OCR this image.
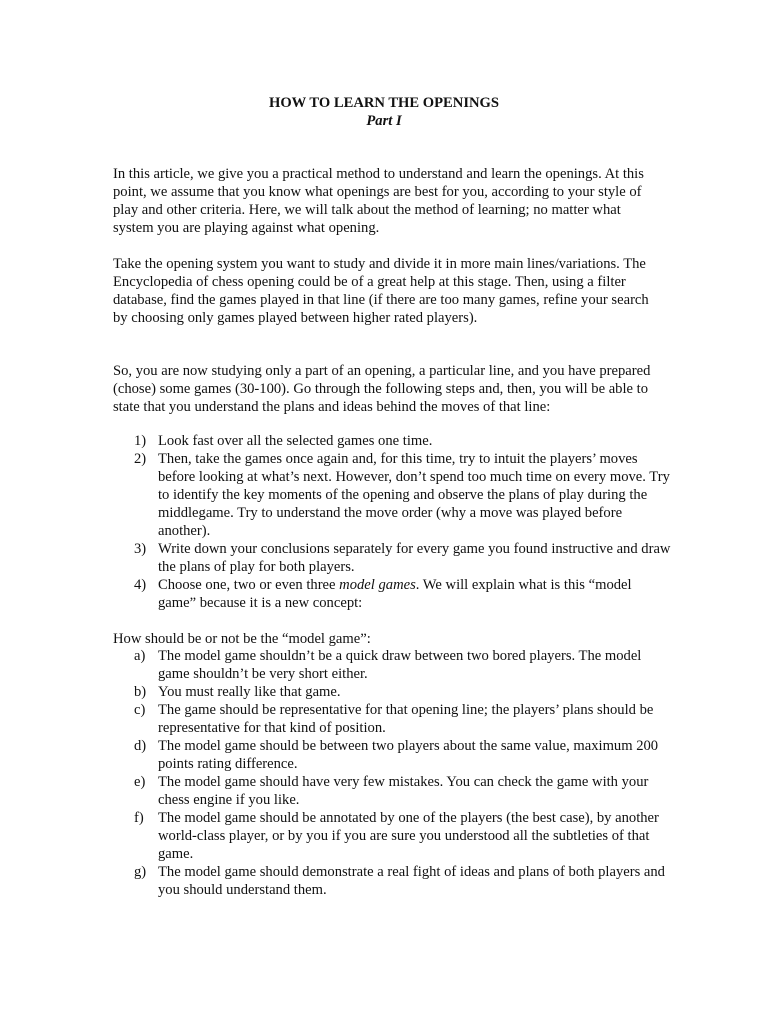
HOW TO LEARN THE OPENINGS
Part I

In this article, we give you a practical method to understand and learn the openings. At this point, we assume that you know what openings are best for you, according to your style of play and other criteria. Here, we will talk about the method of learning; no matter what system you are playing against what opening.

Take the opening system you want to study and divide it in more main lines/variations. The Encyclopedia of chess opening could be of a great help at this stage. Then, using a filter database, find the games played in that line (if there are too many games, refine your search by choosing only games played between higher rated players).

So, you are now studying only a part of an opening, a particular line, and you have prepared (chose) some games (30-100). Go through the following steps and, then, you will be able to state that you understand the plans and ideas behind the moves of that line:

1) Look fast over all the selected games one time.
2) Then, take the games once again and, for this time, try to intuit the players’ moves before looking at what’s next. However, don’t spend too much time on every move. Try to identify the key moments of the opening and observe the plans of play during the middlegame. Try to understand the move order (why a move was played before another).
3) Write down your conclusions separately for every game you found instructive and draw the plans of play for both players.
4) Choose one, two or even three model games. We will explain what is this “model game” because it is a new concept:

How should be or not be the “model game”:

a) The model game shouldn’t be a quick draw between two bored players. The model game shouldn’t be very short either.
b) You must really like that game.
c) The game should be representative for that opening line; the players’ plans should be representative for that kind of position.
d) The model game should be between two players about the same value, maximum 200 points rating difference.
e) The model game should have very few mistakes. You can check the game with your chess engine if you like.
f) The model game should be annotated by one of the players (the best case), by another world-class player, or by you if you are sure you understood all the subtleties of that game.
g) The model game should demonstrate a real fight of ideas and plans of both players and you should understand them.
